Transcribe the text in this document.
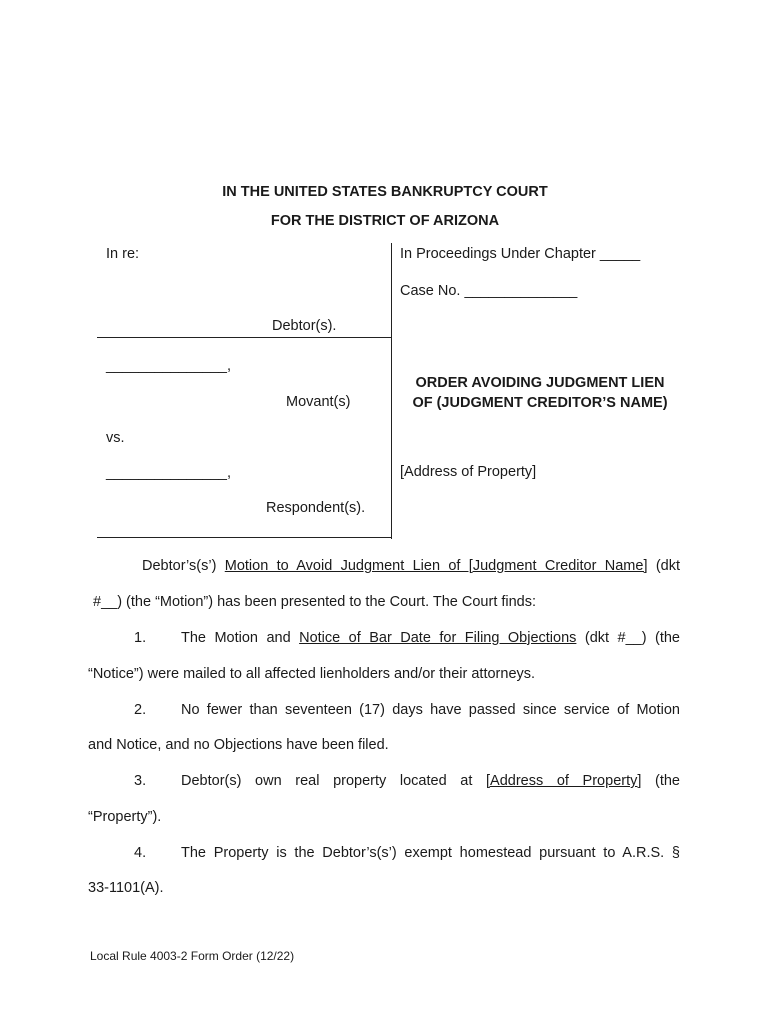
IN THE UNITED STATES BANKRUPTCY COURT
FOR THE DISTRICT OF ARIZONA
In re:
Debtor(s).
_______________,
Movant(s)
vs.
_______________,
Respondent(s).
In Proceedings Under Chapter _____
Case No. ______________
ORDER AVOIDING JUDGMENT LIEN
OF (JUDGMENT CREDITOR’S NAME)
[Address of Property]
Debtor’s(s’) Motion to Avoid Judgment Lien of [Judgment Creditor Name] (dkt
#__) (the “Motion”) has been presented to the Court. The Court finds:
1. The Motion and Notice of Bar Date for Filing Objections (dkt #__) (the
“Notice”) were mailed to all affected lienholders and/or their attorneys.
2. No fewer than seventeen (17) days have passed since service of Motion
and Notice, and no Objections have been filed.
3. Debtor(s) own real property located at [Address of Property] (the
“Property”).
4. The Property is the Debtor’s(s’) exempt homestead pursuant to A.R.S. §
33-1101(A).
Local Rule 4003-2 Form Order (12/22)
